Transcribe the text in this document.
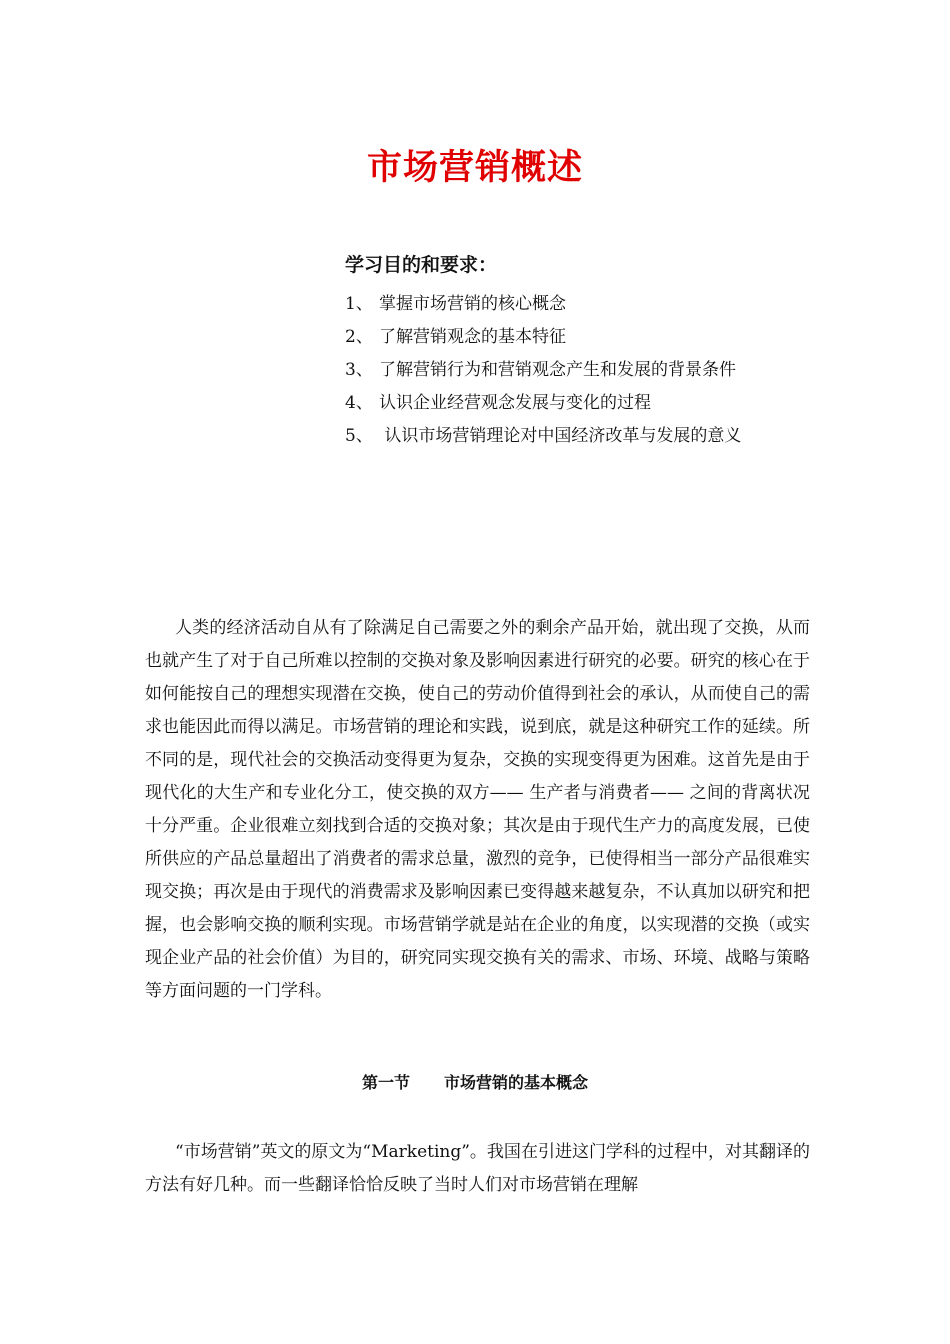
市场营销概述
学习目的和要求：
1、 掌握市场营销的核心概念
2、 了解营销观念的基本特征
3、 了解营销行为和营销观念产生和发展的背景条件
4、 认识企业经营观念发展与变化的过程
5、 认识市场营销理论对中国经济改革与发展的意义

人类的经济活动自从有了除满足自己需要之外的剩余产品开始，就出现了交换，从而也就产生了对于自己所难以控制的交换对象及影响因素进行研究的必要。研究的核心在于如何能按自己的理想实现潜在交换，使自己的劳动价值得到社会的承认，从而使自己的需求也能因此而得以满足。市场营销的理论和实践，说到底，就是这种研究工作的延续。所不同的是，现代社会的交换活动变得更为复杂，交换的实现变得更为困难。这首先是由于现代化的大生产和专业化分工，使交换的双方—— 生产者与消费者—— 之间的背离状况十分严重。企业很难立刻找到合适的交换对象；其次是由于现代生产力的高度发展，已使所供应的产品总量超出了消费者的需求总量，激烈的竞争，已使得相当一部分产品很难实现交换；再次是由于现代的消费需求及影响因素已变得越来越复杂，不认真加以研究和把握，也会影响交换的顺利实现。市场营销学就是站在企业的角度，以实现潜的交换（或实现企业产品的社会价值）为目的，研究同实现交换有关的需求、市场、环境、战略与策略等方面问题的一门学科。

第一节 市场营销的基本概念

“市场营销”英文的原文为“Marketing”。我国在引进这门学科的过程中，对其翻译的方法有好几种。而一些翻译恰恰反映了当时人们对市场营销在理解
